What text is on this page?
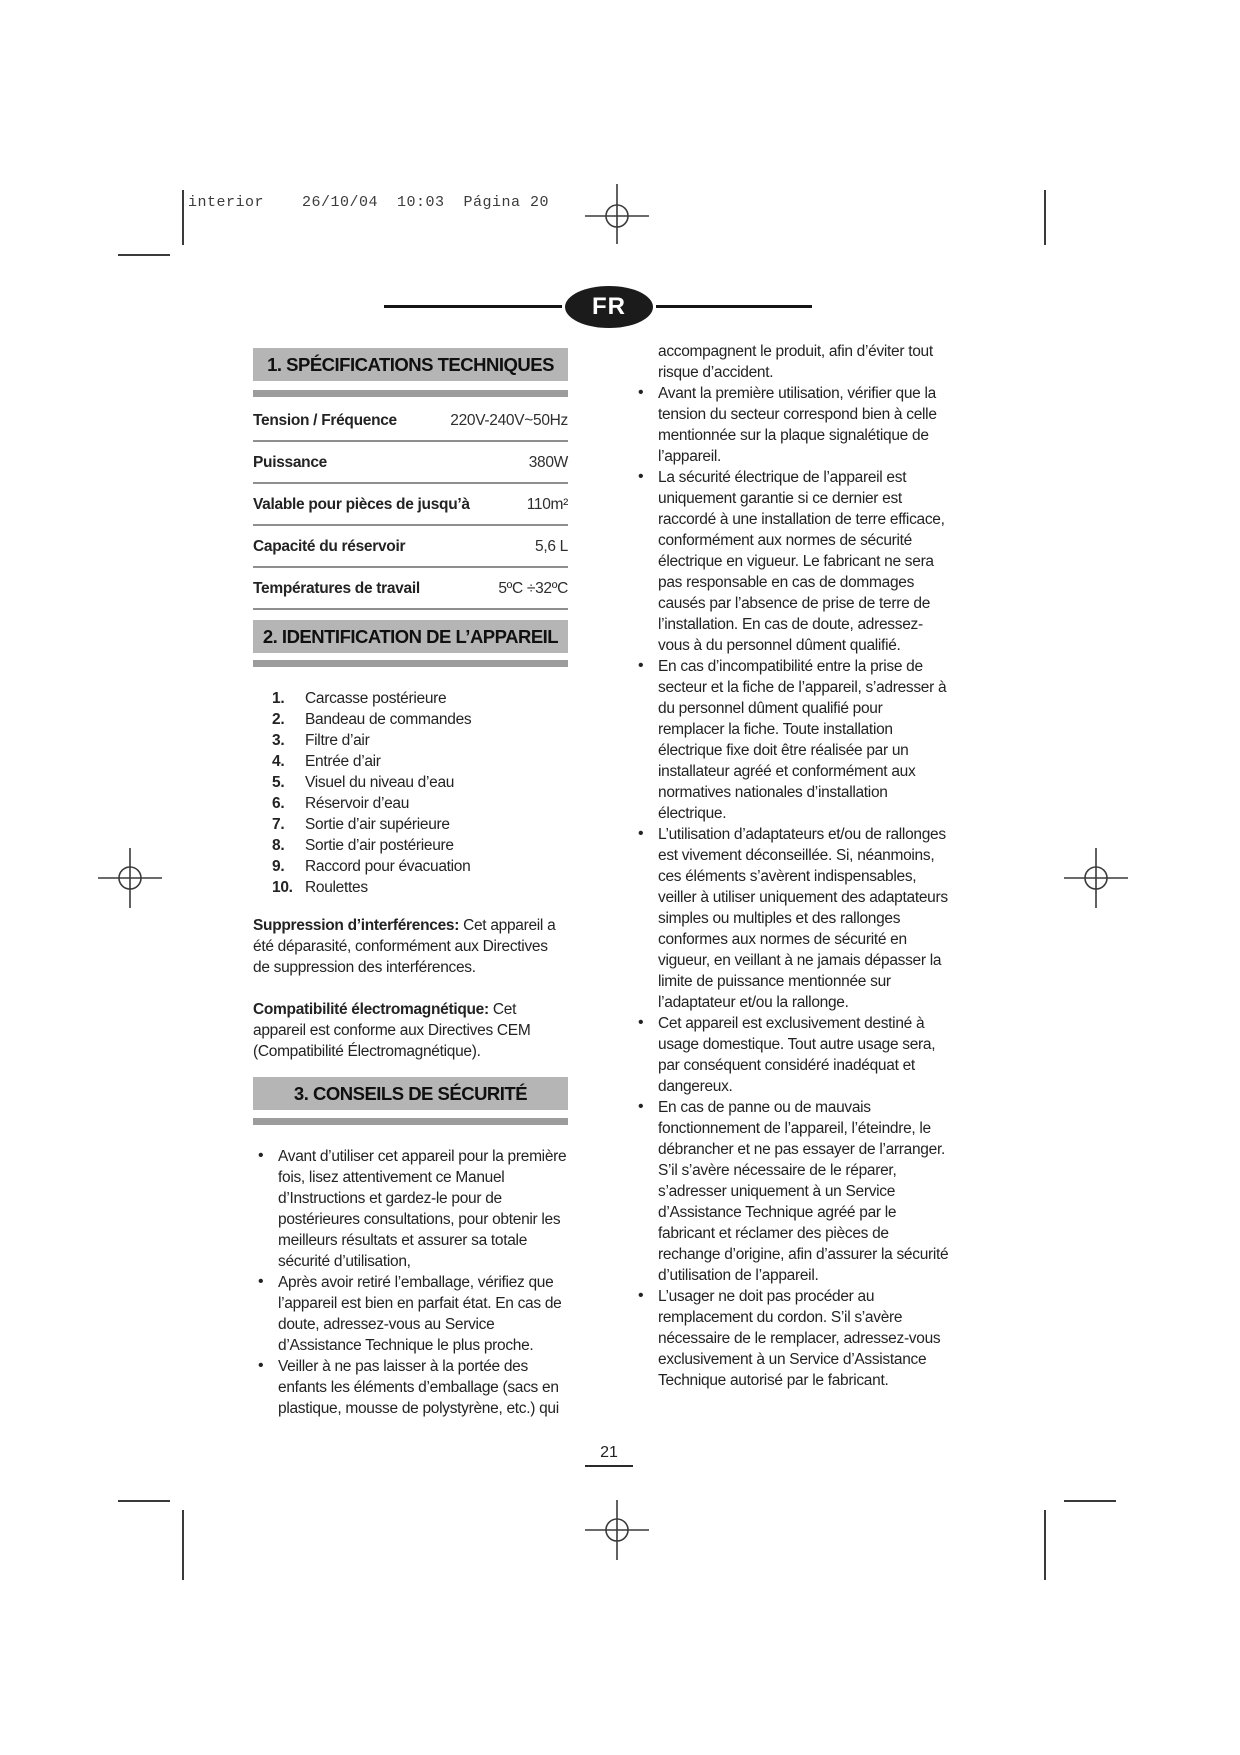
interior    26/10/04  10:03  Página 20
FR
1. SPÉCIFICATIONS TECHNIQUES
Tension / Fréquence	220V-240V~50Hz
Puissance	380W
Valable pour pièces de jusqu’à	110m²
Capacité du réservoir	5,6 L
Températures de travail	5ºC ÷32ºC
2. IDENTIFICATION DE L’APPAREIL
1. Carcasse postérieure
2. Bandeau de commandes
3. Filtre d’air
4. Entrée d’air
5. Visuel du niveau d’eau
6. Réservoir d’eau
7. Sortie d’air supérieure
8. Sortie d’air postérieure
9. Raccord pour évacuation
10. Roulettes

Suppression d’interférences: Cet appareil a été déparasité, conformément aux Directives de suppression des interférences.

Compatibilité électromagnétique: Cet appareil est conforme aux Directives CEM (Compatibilité Électromagnétique).

3. CONSEILS DE SÉCURITÉ
• Avant d’utiliser cet appareil pour la première fois, lisez attentivement ce Manuel d’Instructions et gardez-le pour de postérieures consultations, pour obtenir les meilleurs résultats et assurer sa totale sécurité d’utilisation,
• Après avoir retiré l’emballage, vérifiez que l’appareil est bien en parfait état. En cas de doute, adressez-vous au Service d’Assistance Technique le plus proche.
• Veiller à ne pas laisser à la portée des enfants les éléments d’emballage (sacs en plastique, mousse de polystyrène, etc.) qui
accompagnent le produit, afin d’éviter tout risque d’accident.
• Avant la première utilisation, vérifier que la tension du secteur correspond bien à celle mentionnée sur la plaque signalétique de l’appareil.
• La sécurité électrique de l’appareil est uniquement garantie si ce dernier est raccordé à une installation de terre efficace, conformément aux normes de sécurité électrique en vigueur. Le fabricant ne sera pas responsable en cas de dommages causés par l’absence de prise de terre de l’installation. En cas de doute, adressez-vous à du personnel dûment qualifié.
• En cas d’incompatibilité entre la prise de secteur et la fiche de l’appareil, s’adresser à du personnel dûment qualifié pour remplacer la fiche. Toute installation électrique fixe doit être réalisée par un installateur agréé et conformément aux normatives nationales d’installation électrique.
• L’utilisation d’adaptateurs et/ou de rallonges est vivement déconseillée. Si, néanmoins, ces éléments s’avèrent indispensables, veiller à utiliser uniquement des adaptateurs simples ou multiples et des rallonges conformes aux normes de sécurité en vigueur, en veillant à ne jamais dépasser la limite de puissance mentionnée sur l’adaptateur et/ou la rallonge.
• Cet appareil est exclusivement destiné à usage domestique. Tout autre usage sera, par conséquent considéré inadéquat et dangereux.
• En cas de panne ou de mauvais fonctionnement de l’appareil, l’éteindre, le débrancher et ne pas essayer de l’arranger. S’il s’avère nécessaire de le réparer, s’adresser uniquement à un Service d’Assistance Technique agréé par le fabricant et réclamer des pièces de rechange d’origine, afin d’assurer la sécurité d’utilisation de l’appareil.
• L’usager ne doit pas procéder au remplacement du cordon. S’il s’avère nécessaire de le remplacer, adressez-vous exclusivement à un Service d’Assistance Technique autorisé par le fabricant.
21
